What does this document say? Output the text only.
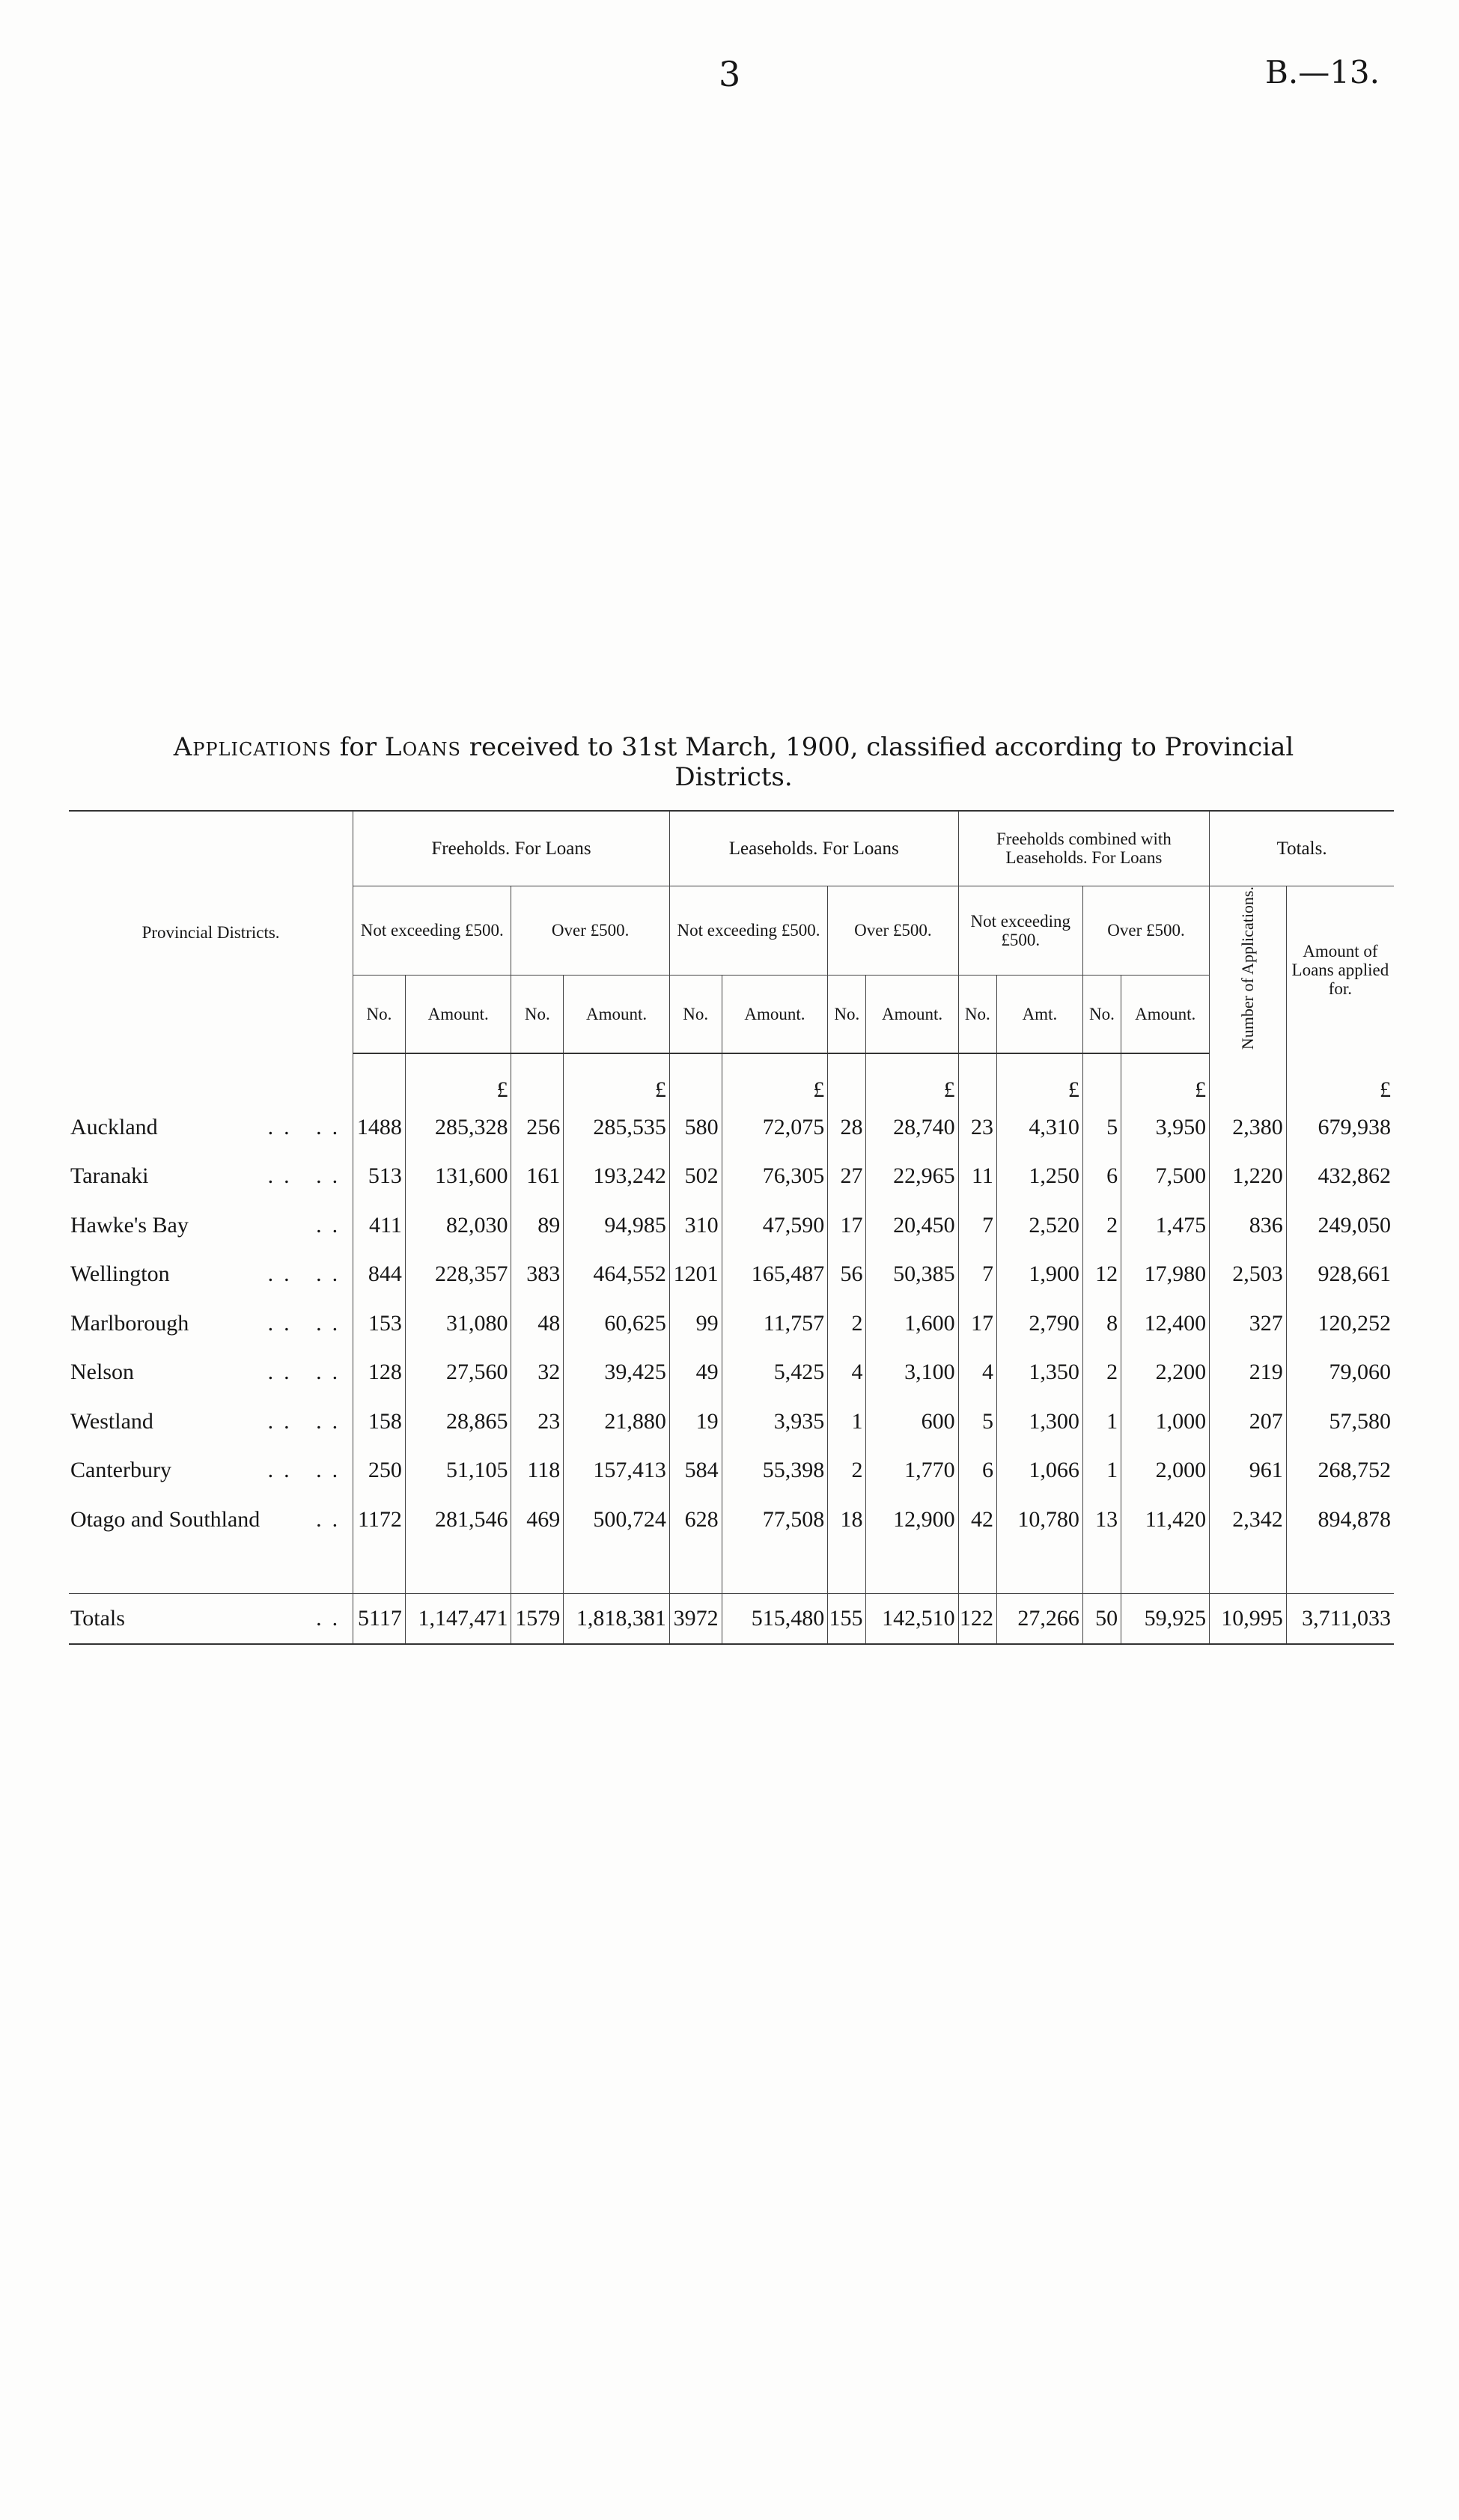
3	B.—13.
Applications for Loans received to 31st March, 1900, classified according to Provincial
Districts.
Provincial Districts.	Freeholds. For Loans				Leaseholds. For Loans				Freeholds combined with Leaseholds. For Loans				Totals.	
	Not exceeding £500.		Over £500.		Not exceeding £500.		Over £500.		Not exceeding £500.		Over £500.		Number of Applications.	Amount of Loans applied for.
	No.	Amount.	No.	Amount.	No.	Amount.	No.	Amount.	No.	Amt.	No.	Amount.		
		£		£		£		£		£		£		£
Auckland .. ..	1488	285,328	256	285,535	580	72,075	28	28,740	23	4,310	5	3,950	2,380	679,938
Taranaki .. ..	513	131,600	161	193,242	502	76,305	27	22,965	11	1,250	6	7,500	1,220	432,862
Hawke's Bay ..	411	82,030	89	94,985	310	47,590	17	20,450	7	2,520	2	1,475	836	249,050
Wellington .. ..	844	228,357	383	464,552	1201	165,487	56	50,385	7	1,900	12	17,980	2,503	928,661
Marlborough .. ..	153	31,080	48	60,625	99	11,757	2	1,600	17	2,790	8	12,400	327	120,252
Nelson .. ..	128	27,560	32	39,425	49	5,425	4	3,100	4	1,350	2	2,200	219	79,060
Westland .. ..	158	28,865	23	21,880	19	3,935	1	600	5	1,300	1	1,000	207	57,580
Canterbury .. ..	250	51,105	118	157,413	584	55,398	2	1,770	6	1,066	1	2,000	961	268,752
Otago and Southland ..	1172	281,546	469	500,724	628	77,508	18	12,900	42	10,780	13	11,420	2,342	894,878

Totals ..	5117	1,147,471	1579	1,818,381	3972	515,480	155	142,510	122	27,266	50	59,925	10,995	3,711,033
